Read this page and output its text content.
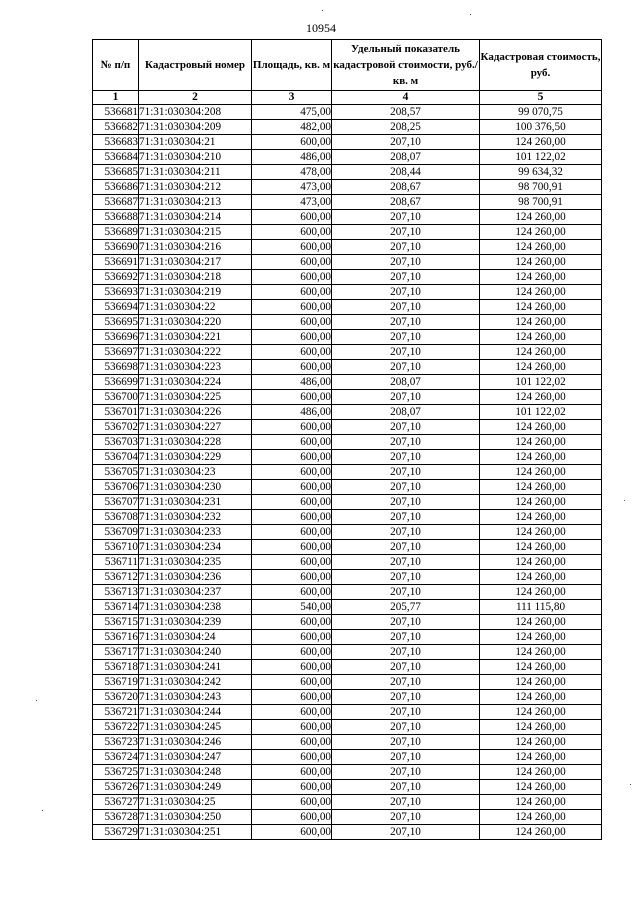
10954
№ п/п	Кадастровый номер	Площадь, кв. м	Удельный показатель кадастровой стоимости, руб./кв. м	Кадастровая стоимость, руб.
1	2	3	4	5
536681	71:31:030304:208	475,00	208,57	99 070,75
536682	71:31:030304:209	482,00	208,25	100 376,50
536683	71:31:030304:21	600,00	207,10	124 260,00
536684	71:31:030304:210	486,00	208,07	101 122,02
536685	71:31:030304:211	478,00	208,44	99 634,32
536686	71:31:030304:212	473,00	208,67	98 700,91
536687	71:31:030304:213	473,00	208,67	98 700,91
536688	71:31:030304:214	600,00	207,10	124 260,00
536689	71:31:030304:215	600,00	207,10	124 260,00
536690	71:31:030304:216	600,00	207,10	124 260,00
536691	71:31:030304:217	600,00	207,10	124 260,00
536692	71:31:030304:218	600,00	207,10	124 260,00
536693	71:31:030304:219	600,00	207,10	124 260,00
536694	71:31:030304:22	600,00	207,10	124 260,00
536695	71:31:030304:220	600,00	207,10	124 260,00
536696	71:31:030304:221	600,00	207,10	124 260,00
536697	71:31:030304:222	600,00	207,10	124 260,00
536698	71:31:030304:223	600,00	207,10	124 260,00
536699	71:31:030304:224	486,00	208,07	101 122,02
536700	71:31:030304:225	600,00	207,10	124 260,00
536701	71:31:030304:226	486,00	208,07	101 122,02
536702	71:31:030304:227	600,00	207,10	124 260,00
536703	71:31:030304:228	600,00	207,10	124 260,00
536704	71:31:030304:229	600,00	207,10	124 260,00
536705	71:31:030304:23	600,00	207,10	124 260,00
536706	71:31:030304:230	600,00	207,10	124 260,00
536707	71:31:030304:231	600,00	207,10	124 260,00
536708	71:31:030304:232	600,00	207,10	124 260,00
536709	71:31:030304:233	600,00	207,10	124 260,00
536710	71:31:030304:234	600,00	207,10	124 260,00
536711	71:31:030304:235	600,00	207,10	124 260,00
536712	71:31:030304:236	600,00	207,10	124 260,00
536713	71:31:030304:237	600,00	207,10	124 260,00
536714	71:31:030304:238	540,00	205,77	111 115,80
536715	71:31:030304:239	600,00	207,10	124 260,00
536716	71:31:030304:24	600,00	207,10	124 260,00
536717	71:31:030304:240	600,00	207,10	124 260,00
536718	71:31:030304:241	600,00	207,10	124 260,00
536719	71:31:030304:242	600,00	207,10	124 260,00
536720	71:31:030304:243	600,00	207,10	124 260,00
536721	71:31:030304:244	600,00	207,10	124 260,00
536722	71:31:030304:245	600,00	207,10	124 260,00
536723	71:31:030304:246	600,00	207,10	124 260,00
536724	71:31:030304:247	600,00	207,10	124 260,00
536725	71:31:030304:248	600,00	207,10	124 260,00
536726	71:31:030304:249	600,00	207,10	124 260,00
536727	71:31:030304:25	600,00	207,10	124 260,00
536728	71:31:030304:250	600,00	207,10	124 260,00
536729	71:31:030304:251	600,00	207,10	124 260,00
